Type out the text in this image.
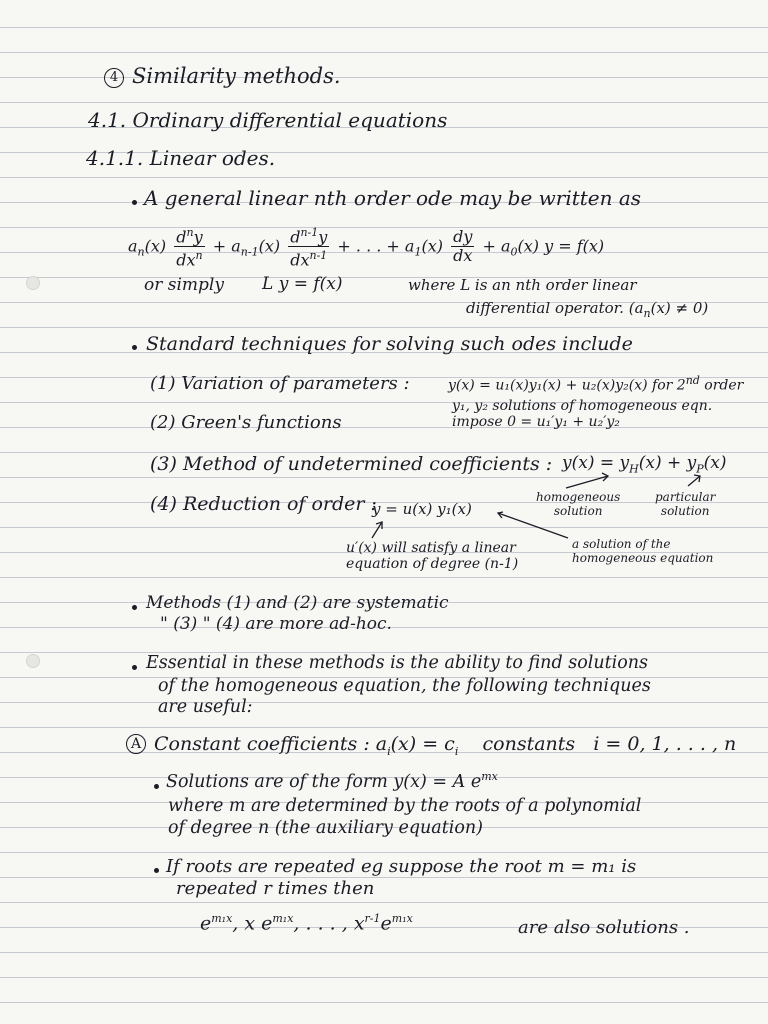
4 Similarity methods.
4.1. Ordinary differential equations
4.1.1. Linear odes.
A general linear nth order ode may be written as
$a_n(x) \frac{d^ny}{dx^n} + a_{n-1}(x) \frac{d^{n-1}y}{dx^{n-1}}$ + . . . + $a_1(x) \frac{dy}{dx} + a_0(x) y = f(x)$
or simply L y = f(x)	where L is an nth order linear
differential operator. $(a_n(x) \ne 0)$
Standard techniques for solving such odes include
(1) Variation of parameters :	y(x) = u₁(x)y₁(x) + u₂(x)y₂(x) for 2nd order
y₁, y₂ solutions of homogeneous eqn.
impose 0 = u₁′y₁ + u₂′y₂
(2) Green's functions
(3) Method of undetermined coefficients : $y(x) = y_H(x) + y_P(x)$
homogeneous
solution
particular
solution
(4) Reduction of order :
y = u(x) y₁(x)
u′(x) will satisfy a linear
equation of degree (n-1)
a solution of the
homogeneous equation
Methods (1) and (2) are systematic
" (3) " (4) are more ad-hoc.
Essential in these methods is the ability to find solutions
of the homogeneous equation, the following techniques
are useful:
A Constant coefficients : $a_i(x) = c_i$ constants i = 0, 1, . . . , n
Solutions are of the form y(x) = A $e^{mx}$
where m are determined by the roots of a polynomial
of degree n (the auxiliary equation)
If roots are repeated eg suppose the root m = m₁ is
repeated r times then
$e^{m_1x}$, x $e^{m_1x}$, . . . , $x^{r-1}e^{m_1x}$	are also solutions .
